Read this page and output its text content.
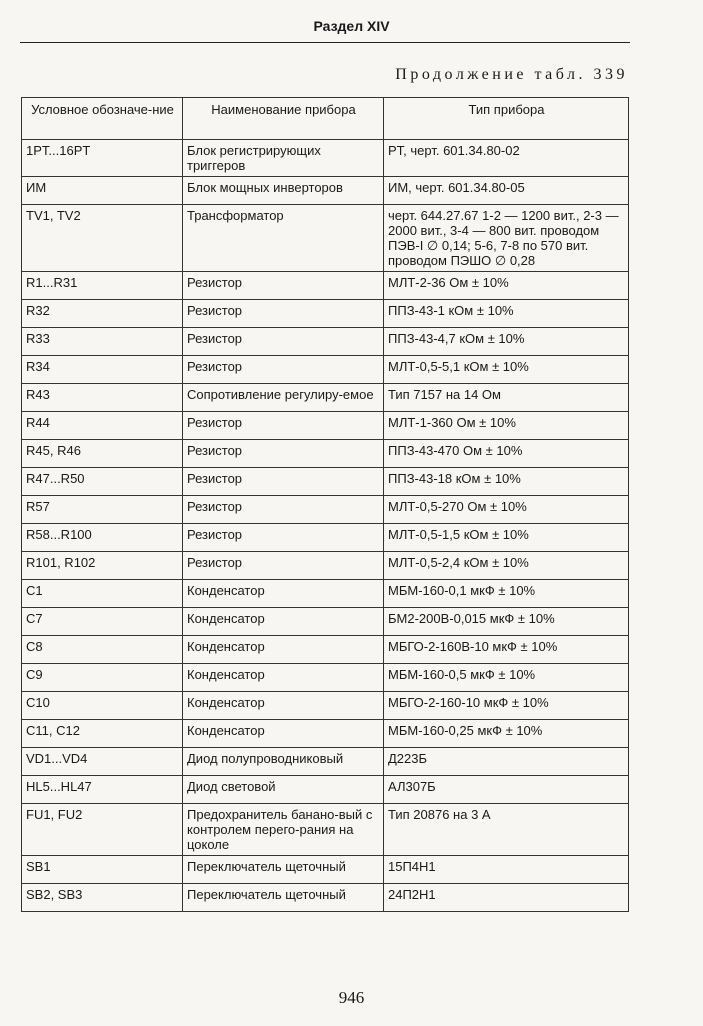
Раздел XIV
Продолжение табл. 339
Условное обозначе-ние	Наименование прибора	Тип прибора
1PT...16PT	Блок регистрирующих триггеров	PT, черт. 601.34.80-02
ИМ	Блок мощных инверторов	ИМ, черт. 601.34.80-05
TV1, TV2	Трансформатор	черт. 644.27.67 1-2 — 1200 вит., 2-3 — 2000 вит., 3-4 — 800 вит. проводом ПЭВ-I ∅ 0,14; 5-6, 7-8 по 570 вит. проводом ПЭШО ∅ 0,28
R1...R31	Резистор	МЛТ-2-36 Ом ± 10%
R32	Резистор	ППЗ-43-1 кОм ± 10%
R33	Резистор	ППЗ-43-4,7 кОм ± 10%
R34	Резистор	МЛТ-0,5-5,1 кОм ± 10%
R43	Сопротивление регулиру-емое	Тип 7157 на 14 Ом
R44	Резистор	МЛТ-1-360 Ом ± 10%
R45, R46	Резистор	ППЗ-43-470 Ом ± 10%
R47...R50	Резистор	ППЗ-43-18 кОм ± 10%
R57	Резистор	МЛТ-0,5-270 Ом ± 10%
R58...R100	Резистор	МЛТ-0,5-1,5 кОм ± 10%
R101, R102	Резистор	МЛТ-0,5-2,4 кОм ± 10%
C1	Конденсатор	МБМ-160-0,1 мкФ ± 10%
C7	Конденсатор	БМ2-200В-0,015 мкФ ± 10%
C8	Конденсатор	МБГО-2-160В-10 мкФ ± 10%
C9	Конденсатор	МБМ-160-0,5 мкФ ± 10%
C10	Конденсатор	МБГО-2-160-10 мкФ ± 10%
C11, C12	Конденсатор	МБМ-160-0,25 мкФ ± 10%
VD1...VD4	Диод полупроводниковый	Д223Б
HL5...HL47	Диод световой	АЛ307Б
FU1, FU2	Предохранитель бананo-вый с контролем перего-рания на цоколе	Тип 20876 на 3 А
SB1	Переключатель щеточный	15П4Н1
SB2, SB3	Переключатель щеточный	24П2Н1
946
